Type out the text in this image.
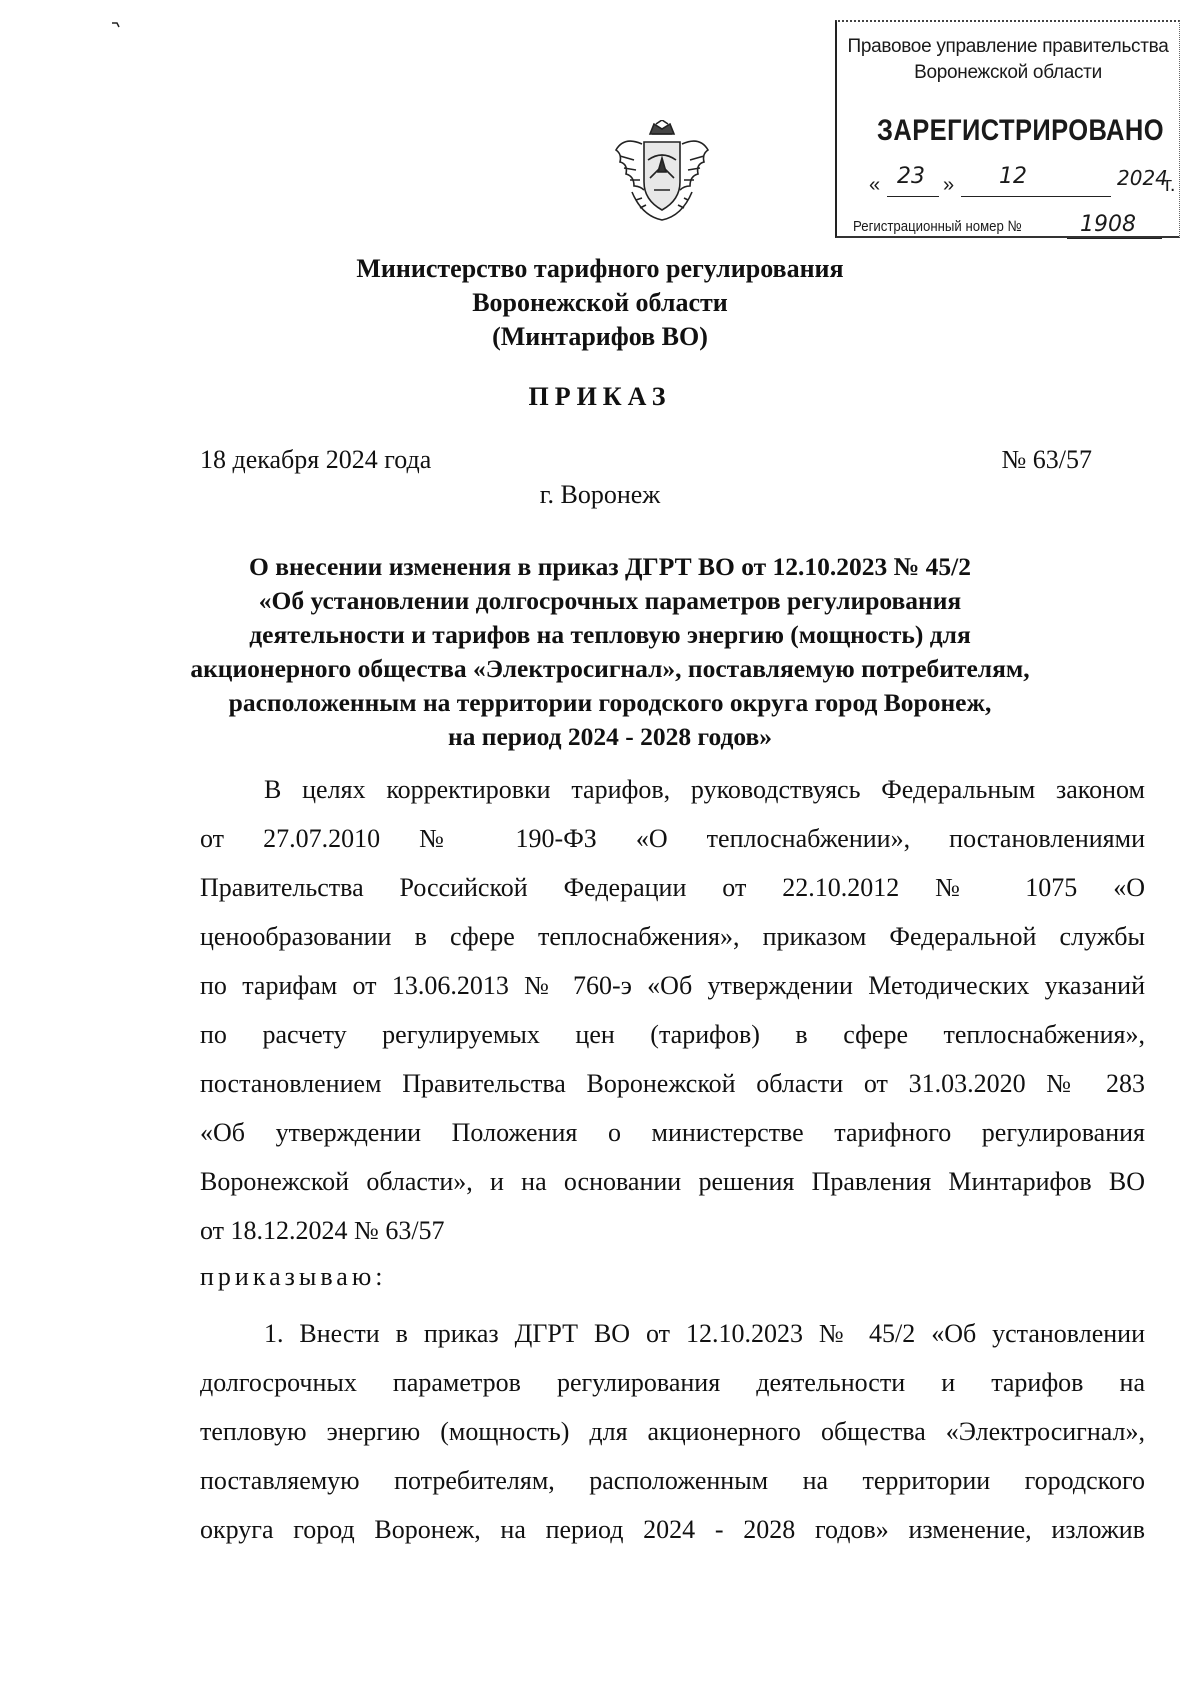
Правовое управление правительства
Воронежской области
ЗАРЕГИСТРИРОВАНО
« 23 » 12	2024
г.
Регистрационный номер №	1908
Министерство тарифного регулирования
Воронежской области
(Минтарифов ВО)
ПРИКАЗ
18 декабря 2024 года	№ 63/57
г. Воронеж
О внесении изменения в приказ ДГРТ ВО от 12.10.2023 № 45/2
«Об установлении долгосрочных параметров регулирования
деятельности и тарифов на тепловую энергию (мощность) для
акционерного общества «Электросигнал», поставляемую потребителям,
расположенным на территории городского округа город Воронеж,
на период 2024 - 2028 годов»

В целях корректировки тарифов, руководствуясь Федеральным законом

от 27.07.2010 № 190-ФЗ «О теплоснабжении», постановлениями

Правительства Российской Федерации от 22.10.2012 № 1075 «О

ценообразовании в сфере теплоснабжения», приказом Федеральной службы

по тарифам от 13.06.2013 № 760-э «Об утверждении Методических указаний

по расчету регулируемых цен (тарифов) в сфере теплоснабжения»,

постановлением Правительства Воронежской области от 31.03.2020 № 283

«Об утверждении Положения о министерстве тарифного регулирования

Воронежской области», и на основании решения Правления Минтарифов ВО

от 18.12.2024 № 63/57

приказываю:

1. Внести в приказ ДГРТ ВО от 12.10.2023 № 45/2 «Об установлении

долгосрочных параметров регулирования деятельности и тарифов на

тепловую энергию (мощность) для акционерного общества «Электросигнал»,

поставляемую потребителям, расположенным на территории городского

округа город Воронеж, на период 2024 - 2028 годов» изменение, изложив
